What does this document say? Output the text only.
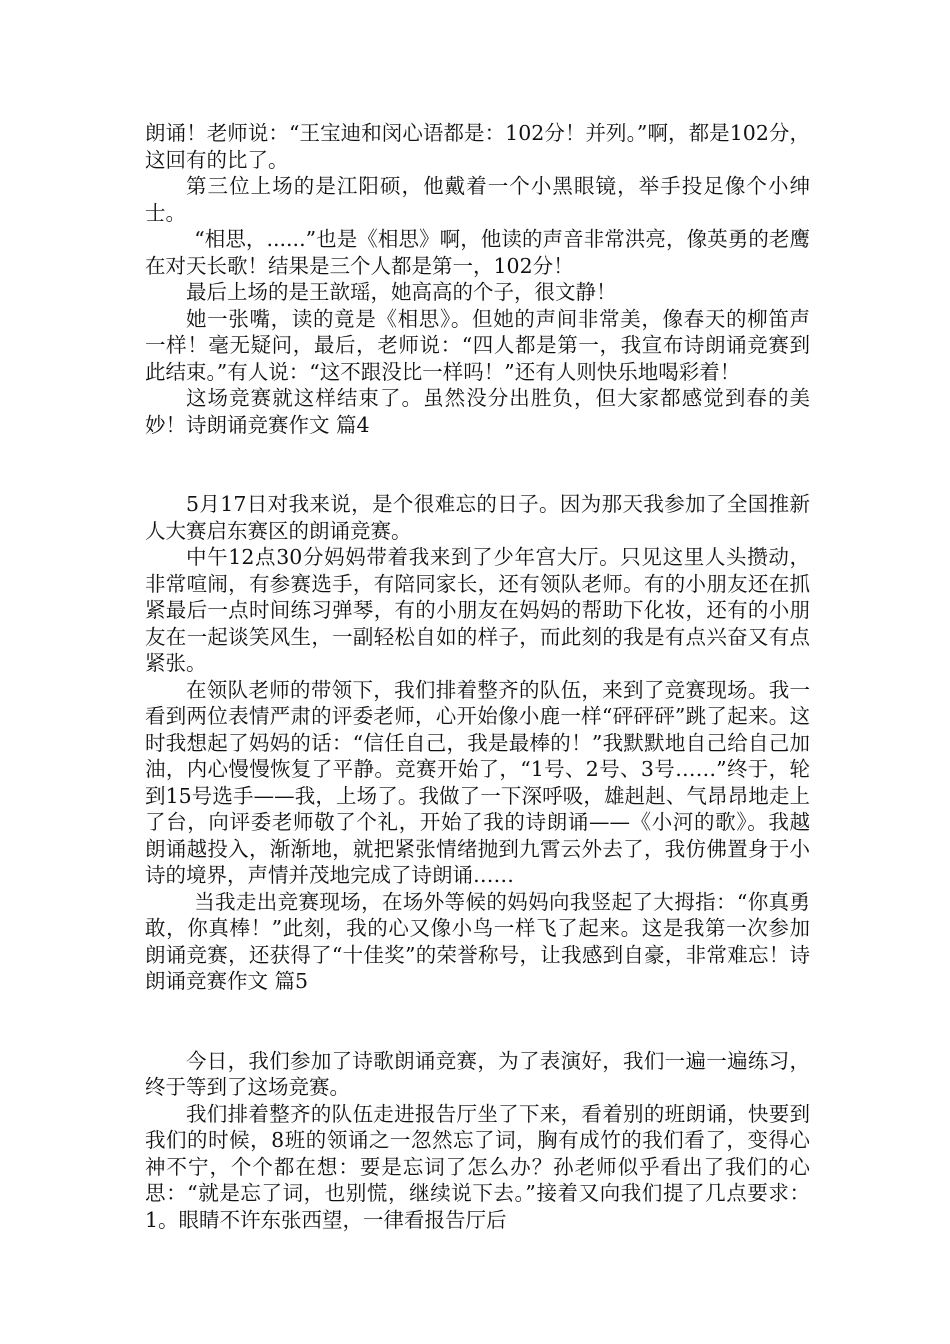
朗诵！老师说：“王宝迪和闵心语都是：102分！并列。”啊，都是102分，这回有的比了。

第三位上场的是江阳硕，他戴着一个小黑眼镜，举手投足像个小绅士。

“相思，......”也是《相思》啊，他读的声音非常洪亮，像英勇的老鹰在对天长歌！结果是三个人都是第一，102分！

最后上场的是王歆瑶，她高高的个子，很文静！

她一张嘴，读的竟是《相思》。但她的声间非常美，像春天的柳笛声一样！毫无疑问，最后，老师说：“四人都是第一，我宣布诗朗诵竞赛到此结束。”有人说：“这不跟没比一样吗！”还有人则快乐地喝彩着！

这场竞赛就这样结束了。虽然没分出胜负，但大家都感觉到春的美妙！诗朗诵竞赛作文 篇4

5月17日对我来说，是个很难忘的日子。因为那天我参加了全国推新人大赛启东赛区的朗诵竞赛。

中午12点30分妈妈带着我来到了少年宫大厅。只见这里人头攒动，非常喧闹，有参赛选手，有陪同家长，还有领队老师。有的小朋友还在抓紧最后一点时间练习弹琴，有的小朋友在妈妈的帮助下化妆，还有的小朋友在一起谈笑风生，一副轻松自如的样子，而此刻的我是有点兴奋又有点紧张。

在领队老师的带领下，我们排着整齐的队伍，来到了竞赛现场。我一看到两位表情严肃的评委老师，心开始像小鹿一样“砰砰砰”跳了起来。这时我想起了妈妈的话：“信任自己，我是最棒的！”我默默地自己给自己加油，内心慢慢恢复了平静。竞赛开始了，“1号、2号、3号……”终于，轮到15号选手——我，上场了。我做了一下深呼吸，雄赳赳、气昂昂地走上了台，向评委老师敬了个礼，开始了我的诗朗诵——《小河的歌》。我越朗诵越投入，渐渐地，就把紧张情绪抛到九霄云外去了，我仿佛置身于小诗的境界，声情并茂地完成了诗朗诵……

当我走出竞赛现场，在场外等候的妈妈向我竖起了大拇指：“你真勇敢，你真棒！”此刻，我的心又像小鸟一样飞了起来。这是我第一次参加朗诵竞赛，还获得了“十佳奖”的荣誉称号，让我感到自豪，非常难忘！诗朗诵竞赛作文 篇5

今日，我们参加了诗歌朗诵竞赛，为了表演好，我们一遍一遍练习，终于等到了这场竞赛。

我们排着整齐的队伍走进报告厅坐了下来，看着别的班朗诵，快要到我们的时候，8班的领诵之一忽然忘了词，胸有成竹的我们看了，变得心神不宁，个个都在想：要是忘词了怎么办？孙老师似乎看出了我们的心思：“就是忘了词，也别慌，继续说下去。”接着又向我们提了几点要求：1。眼睛不许东张西望，一律看报告厅后
